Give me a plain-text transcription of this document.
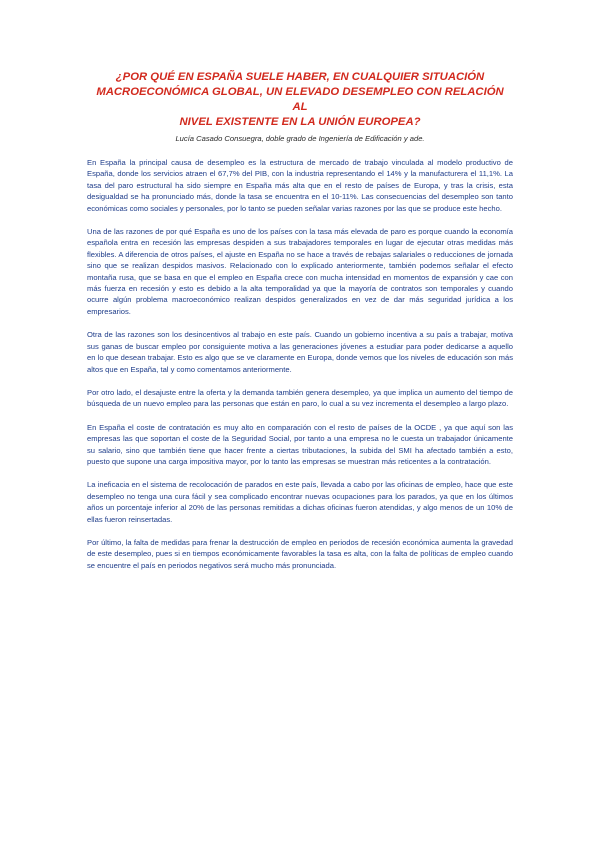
¿POR QUÉ EN ESPAÑA SUELE HABER, EN CUALQUIER SITUACIÓN
MACROECONÓMICA GLOBAL, UN ELEVADO DESEMPLEO CON RELACIÓN AL
NIVEL EXISTENTE EN LA UNIÓN EUROPEA?

Lucía Casado Consuegra, doble grado de Ingeniería de Edificación y ade.

En España la principal causa de desempleo es la estructura de mercado de trabajo vinculada al modelo productivo de España, donde los servicios atraen el 67,7% del PIB, con la industria representando el 14% y la manufacturera el 11,1%. La tasa del paro estructural ha sido siempre en España más alta que en el resto de países de Europa, y tras la crisis, esta desigualdad se ha pronunciado más, donde la tasa se encuentra en el 10-11%. Las consecuencias del desempleo son tanto económicas como sociales y personales, por lo tanto se pueden señalar varias razones por las que se produce este hecho.

Una de las razones de por qué España es uno de los países con la tasa más elevada de paro es porque cuando la economía española entra en recesión las empresas despiden a sus trabajadores temporales en lugar de ejecutar otras medidas más flexibles. A diferencia de otros países, el ajuste en España no se hace a través de rebajas salariales o reducciones de jornada sino que se realizan despidos masivos. Relacionado con lo explicado anteriormente, también podemos señalar el efecto montaña rusa, que se basa en que el empleo en España crece con mucha intensidad en momentos de expansión y cae con más fuerza en recesión y esto es debido a la alta temporalidad ya que la mayoría de contratos son temporales y cuando ocurre algún problema macroeconómico realizan despidos generalizados en vez de dar más seguridad jurídica a los empresarios.

Otra de las razones son los desincentivos al trabajo en este país. Cuando un gobierno incentiva a su país a trabajar, motiva sus ganas de buscar empleo por consiguiente motiva a las generaciones jóvenes a estudiar para poder dedicarse a aquello en lo que desean trabajar. Esto es algo que se ve claramente en Europa, donde vemos que los niveles de educación son más altos que en España, tal y como comentamos anteriormente.

Por otro lado, el desajuste entre la oferta y la demanda también genera desempleo, ya que implica un aumento del tiempo de búsqueda de un nuevo empleo para las personas que están en paro, lo cual a su vez incrementa el desempleo a largo plazo.

En España el coste de contratación es muy alto en comparación con el resto de países de la OCDE , ya que aquí son las empresas las que soportan el coste de la Seguridad Social, por tanto a una empresa no le cuesta un trabajador únicamente su salario, sino que también tiene que hacer frente a ciertas tributaciones, la subida del SMI ha afectado también a esto, puesto que supone una carga impositiva mayor, por lo tanto las empresas se muestran más reticentes a la contratación.

La ineficacia en el sistema de recolocación de parados en este país, llevada a cabo por las oficinas de empleo, hace que este desempleo no tenga una cura fácil y sea complicado encontrar nuevas ocupaciones para los parados, ya que en los últimos años un porcentaje inferior al 20% de las personas remitidas a dichas oficinas fueron atendidas, y algo menos de un 10% de ellas fueron reinsertadas.

Por último, la falta de medidas para frenar la destrucción de empleo en periodos de recesión económica aumenta la gravedad de este desempleo, pues si en tiempos económicamente favorables la tasa es alta, con la falta de políticas de empleo cuando se encuentre el país en periodos negativos será mucho más pronunciada.
